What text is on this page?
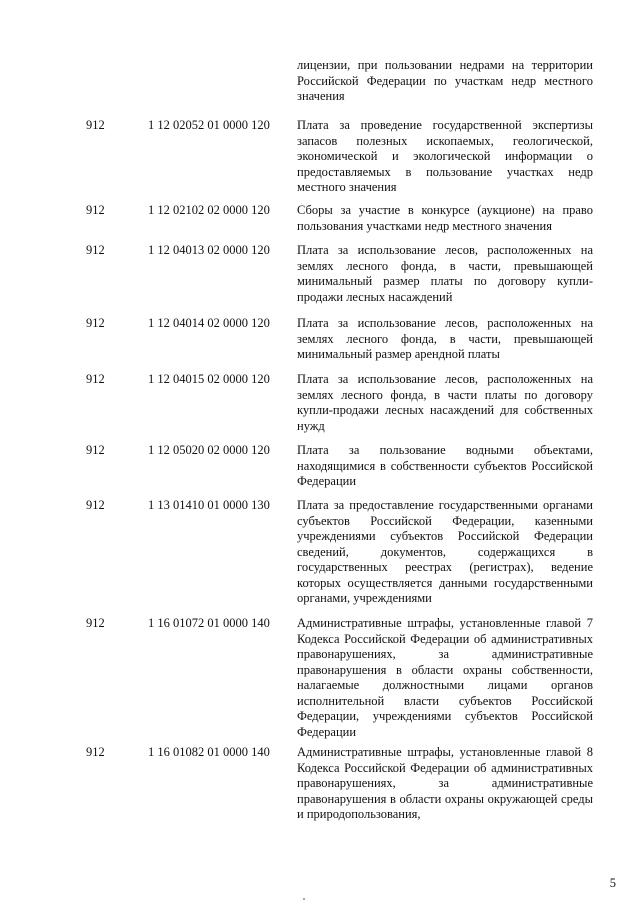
лицензии, при пользовании недрами на территории Российской Федерации по участкам недр местного значения

912	1 12 02052 01 0000 120 Плата за проведение государственной экспертизы запасов полезных ископаемых, геологической, экономической и экологической информации о предоставляемых в пользование участках недр местного значения

912	1 12 02102 02 0000 120 Сборы за участие в конкурсе (аукционе) на право пользования участками недр местного значения

912	1 12 04013 02 0000 120 Плата за использование лесов, расположенных на землях лесного фонда, в части, превышающей минимальный размер платы по договору купли-продажи лесных насаждений

912	1 12 04014 02 0000 120 Плата за использование лесов, расположенных на землях лесного фонда, в части, превышающей минимальный размер арендной платы

912	1 12 04015 02 0000 120 Плата за использование лесов, расположенных на землях лесного фонда, в части платы по договору купли-продажи лесных насаждений для собственных нужд

912	1 12 05020 02 0000 120 Плата за пользование водными объектами, находящимися в собственности субъектов Российской Федерации

912	1 13 01410 01 0000 130 Плата за предоставление государственными органами субъектов Российской Федерации, казенными учреждениями субъектов Российской Федерации сведений, документов, содержащихся в государственных реестрах (регистрах), ведение которых осуществляется данными государственными органами, учреждениями

912	1 16 01072 01 0000 140 Административные штрафы, установленные главой 7 Кодекса Российской Федерации об административных правонарушениях, за административные правонарушения в области охраны собственности, налагаемые должностными лицами органов исполнительной власти субъектов Российской Федерации, учреждениями субъектов Российской Федерации

912	1 16 01082 01 0000 140 Административные штрафы, установленные главой 8 Кодекса Российской Федерации об административных правонарушениях, за административные правонарушения в области охраны окружающей среды и природопользования,

5
